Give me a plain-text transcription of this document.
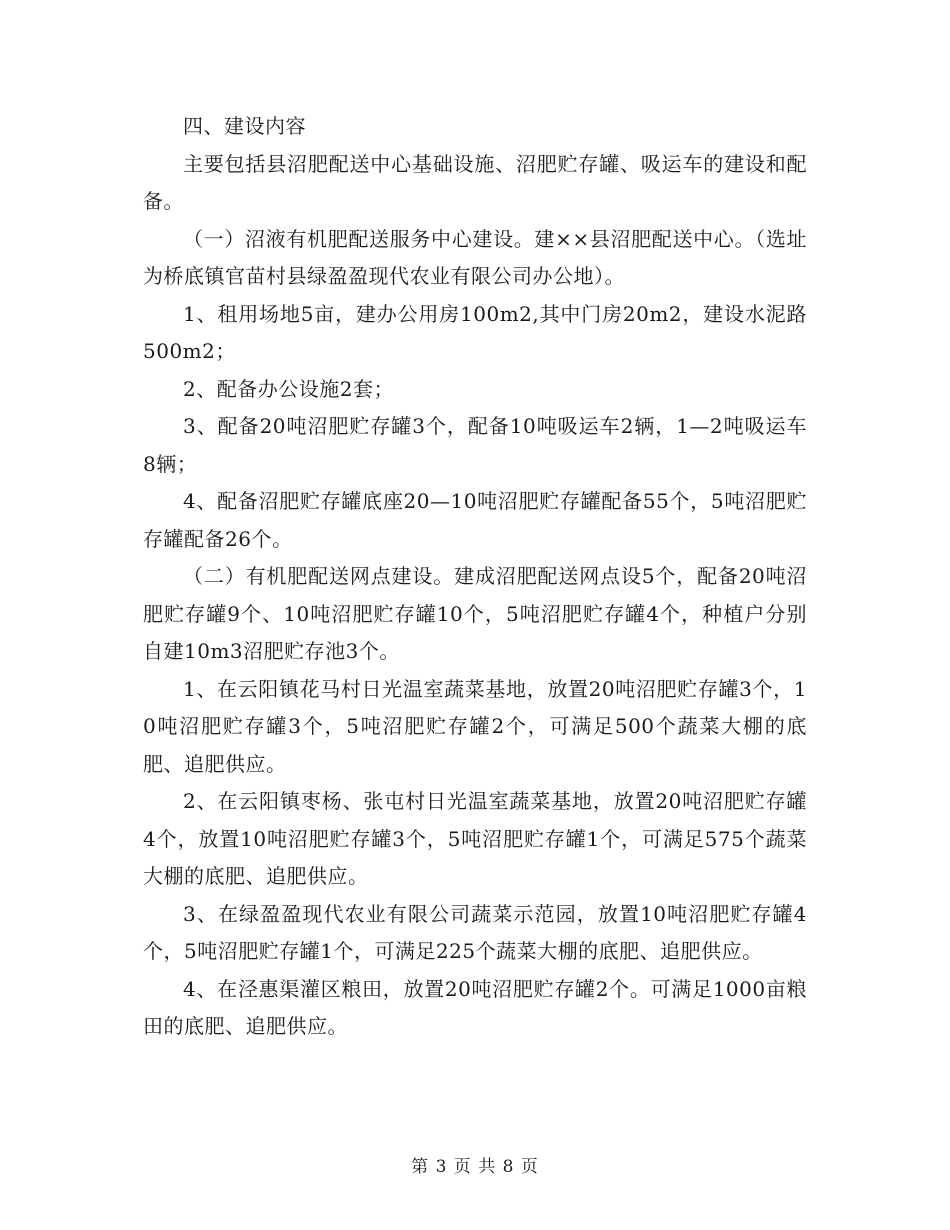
四、建设内容

主要包括县沼肥配送中心基础设施、沼肥贮存罐、吸运车的建设和配备。

（一）沼液有机肥配送服务中心建设。建××县沼肥配送中心。（选址为桥底镇官苗村县绿盈盈现代农业有限公司办公地）。

1、租用场地5亩，建办公用房100m2,其中门房20m2，建设水泥路500m2；

2、配备办公设施2套；

3、配备20吨沼肥贮存罐3个，配备10吨吸运车2辆，1—2吨吸运车8辆；

4、配备沼肥贮存罐底座20—10吨沼肥贮存罐配备55个，5吨沼肥贮存罐配备26个。

（二）有机肥配送网点建设。建成沼肥配送网点设5个，配备20吨沼肥贮存罐9个、10吨沼肥贮存罐10个，5吨沼肥贮存罐4个，种植户分别自建10m3沼肥贮存池3个。

1、在云阳镇花马村日光温室蔬菜基地，放置20吨沼肥贮存罐3个，10吨沼肥贮存罐3个，5吨沼肥贮存罐2个，可满足500个蔬菜大棚的底肥、追肥供应。

2、在云阳镇枣杨、张屯村日光温室蔬菜基地，放置20吨沼肥贮存罐4个，放置10吨沼肥贮存罐3个，5吨沼肥贮存罐1个，可满足575个蔬菜大棚的底肥、追肥供应。

3、在绿盈盈现代农业有限公司蔬菜示范园，放置10吨沼肥贮存罐4个，5吨沼肥贮存罐1个，可满足225个蔬菜大棚的底肥、追肥供应。

4、在泾惠渠灌区粮田，放置20吨沼肥贮存罐2个。可满足1000亩粮田的底肥、追肥供应。

第 3 页 共 8 页
